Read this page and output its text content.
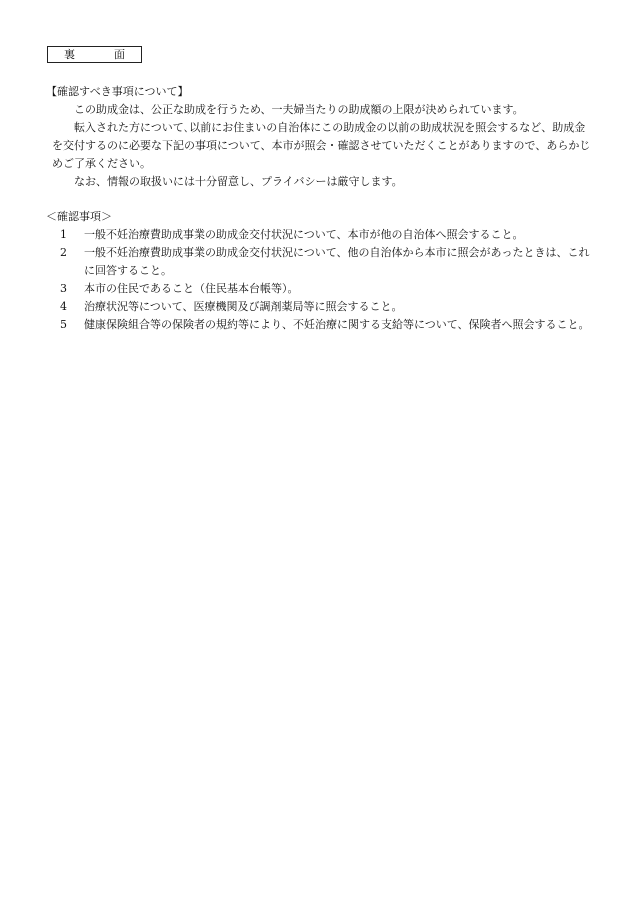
裏　面
【確認すべき事項について】

この助成金は、公正な助成を行うため、一夫婦当たりの助成額の上限が決められています。

転入された方について､以前にお住まいの自治体にこの助成金の以前の助成状況を照会するなど、助成金を交付するのに必要な下記の事項について、本市が照会・確認させていただくことがありますので、あらかじめご了承ください。

なお、情報の取扱いには十分留意し、プライバシーは厳守します。

＜確認事項＞
1	一般不妊治療費助成事業の助成金交付状況について、本市が他の自治体へ照会すること。
2	一般不妊治療費助成事業の助成金交付状況について、他の自治体から本市に照会があったときは、これに回答すること。
3	本市の住民であること（住民基本台帳等）。
4	治療状況等について、医療機関及び調剤薬局等に照会すること。
5	健康保険組合等の保険者の規約等により、不妊治療に関する支給等について、保険者へ照会すること。
